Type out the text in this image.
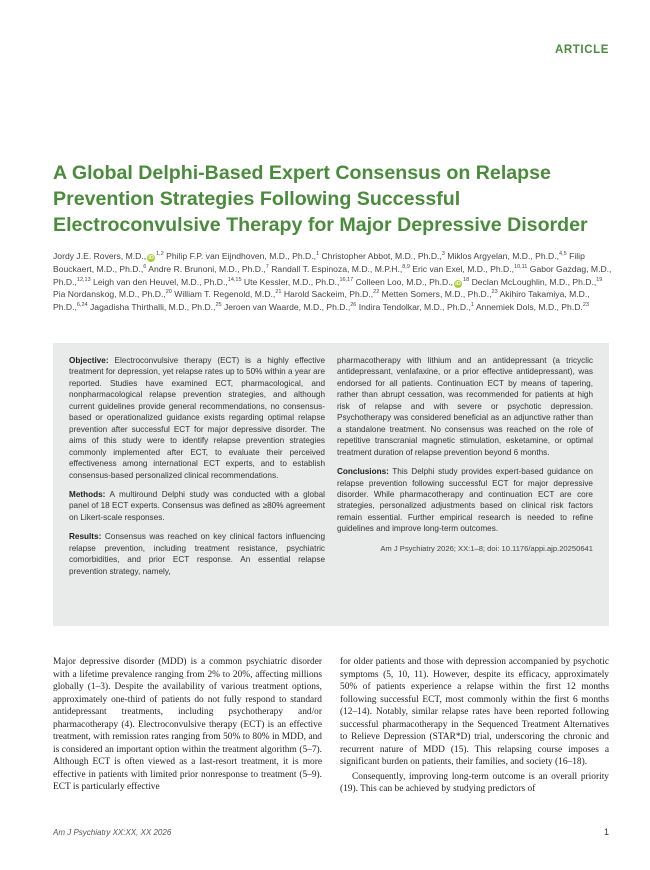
ARTICLE
A Global Delphi-Based Expert Consensus on Relapse Prevention Strategies Following Successful Electroconvulsive Therapy for Major Depressive Disorder
Jordy J.E. Rovers, M.D., iD$^{1,2}$ Philip F.P. van Eijndhoven, M.D., Ph.D.,$^1$ Christopher Abbot, M.D., Ph.D.,$^3$ Miklos Argyelan, M.D., Ph.D.,$^{4,5}$ Filip Bouckaert, M.D., Ph.D.,$^6$ Andre R. Brunoni, M.D., Ph.D.,$^7$ Randall T. Espinoza, M.D., M.P.H.,$^{8,9}$ Eric van Exel, M.D., Ph.D.,$^{10,11}$ Gabor Gazdag, M.D., Ph.D.,$^{12,13}$ Leigh van den Heuvel, M.D., Ph.D.,$^{14,15}$ Ute Kessler, M.D., Ph.D.,$^{16,17}$ Colleen Loo, M.D., Ph.D., $iD^{18}$ Declan McLoughlin, M.D., Ph.D.,$^{19}$ Pia Nordanskog, M.D., Ph.D.,$^{20}$ William T. Regenold, M.D.,$^{21}$ Harold Sackeim, Ph.D.,$^{22}$ Metten Somers, M.D., Ph.D.,$^{23}$ Akihiro Takamiya, M.D., Ph.D.,$^{6,24}$ Jagadisha Thirthalli, M.D., Ph.D.,$^{25}$ Jeroen van Waarde, M.D., Ph.D.,$^{26}$ Indira Tendolkar, M.D., Ph.D.,$^1$ Annemiek Dols, M.D., Ph.D.$^{23}$

Objective: Electroconvulsive therapy (ECT) is a highly effective treatment for depression, yet relapse rates up to 50% within a year are reported. Studies have examined ECT, pharmacological, and nonpharmacological relapse prevention strategies, and although current guidelines provide general recommendations, no consensus-based or operationalized guidance exists regarding optimal relapse prevention after successful ECT for major depressive disorder. The aims of this study were to identify relapse prevention strategies commonly implemented after ECT, to evaluate their perceived effectiveness among international ECT experts, and to establish consensus-based personalized clinical recommendations.

Methods: A multiround Delphi study was conducted with a global panel of 18 ECT experts. Consensus was defined as ≥80% agreement on Likert-scale responses.

Results: Consensus was reached on key clinical factors influencing relapse prevention, including treatment resistance, psychiatric comorbidities, and prior ECT response. An essential relapse prevention strategy, namely,

pharmacotherapy with lithium and an antidepressant (a tricyclic antidepressant, venlafaxine, or a prior effective antidepressant), was endorsed for all patients. Continuation ECT by means of tapering, rather than abrupt cessation, was recommended for patients at high risk of relapse and with severe or psychotic depression. Psychotherapy was considered beneficial as an adjunctive rather than a standalone treatment. No consensus was reached on the role of repetitive transcranial magnetic stimulation, esketamine, or optimal treatment duration of relapse prevention beyond 6 months.

Conclusions: This Delphi study provides expert-based guidance on relapse prevention following successful ECT for major depressive disorder. While pharmacotherapy and continuation ECT are core strategies, personalized adjustments based on clinical risk factors remain essential. Further empirical research is needed to refine guidelines and improve long-term outcomes.

Am J Psychiatry 2026; XX:1–8; doi: 10.1176/appi.ajp.20250641

Major depressive disorder (MDD) is a common psychiatric disorder with a lifetime prevalence ranging from 2% to 20%, affecting millions globally (1–3). Despite the availability of various treatment options, approximately one-third of patients do not fully respond to standard antidepressant treatments, including psychotherapy and/or pharmacotherapy (4). Electroconvulsive therapy (ECT) is an effective treatment, with remission rates ranging from 50% to 80% in MDD, and is considered an important option within the treatment algorithm (5–7). Although ECT is often viewed as a last-resort treatment, it is more effective in patients with limited prior nonresponse to treatment (5–9). ECT is particularly effective

for older patients and those with depression accompanied by psychotic symptoms (5, 10, 11). However, despite its efficacy, approximately 50% of patients experience a relapse within the first 12 months following successful ECT, most commonly within the first 6 months (12–14). Notably, similar relapse rates have been reported following successful pharmacotherapy in the Sequenced Treatment Alternatives to Relieve Depression (STAR*D) trial, underscoring the chronic and recurrent nature of MDD (15). This relapsing course imposes a significant burden on patients, their families, and society (16–18).

Consequently, improving long-term outcome is an overall priority (19). This can be achieved by studying predictors of

Am J Psychiatry XX:XX, XX 2026	1
